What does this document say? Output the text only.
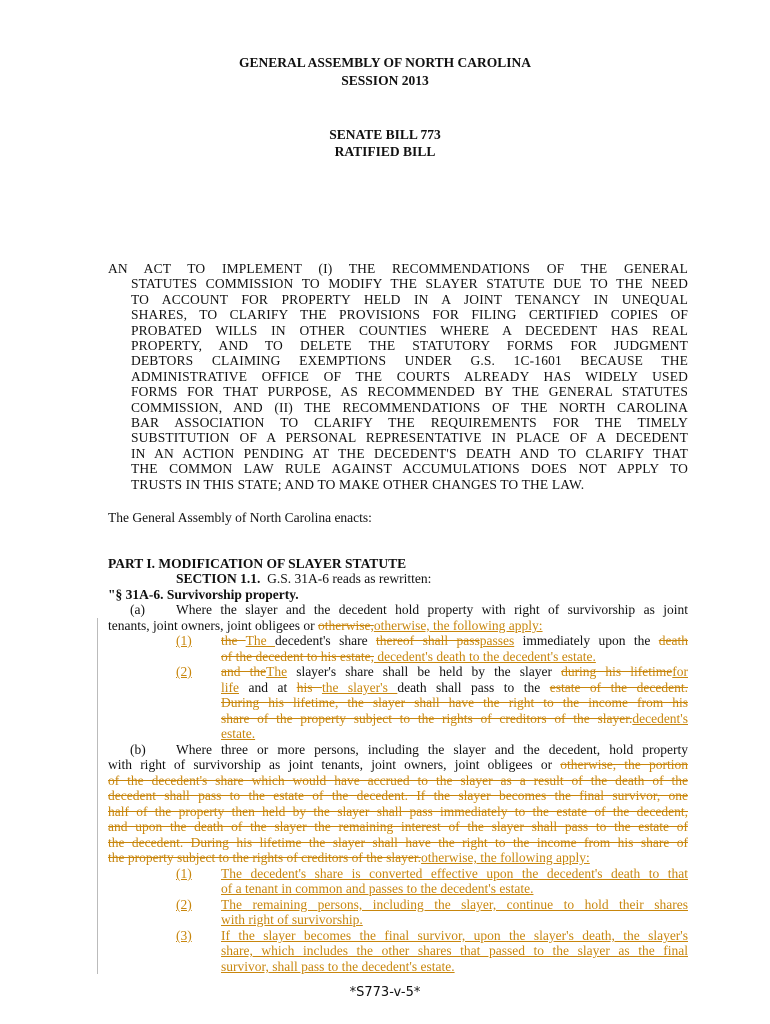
GENERAL ASSEMBLY OF NORTH CAROLINA
SESSION 2013
SENATE BILL 773
RATIFIED BILL
AN ACT TO IMPLEMENT (I) THE RECOMMENDATIONS OF THE GENERAL
STATUTES COMMISSION TO MODIFY THE SLAYER STATUTE DUE TO THE NEED
TO ACCOUNT FOR PROPERTY HELD IN A JOINT TENANCY IN UNEQUAL
SHARES, TO CLARIFY THE PROVISIONS FOR FILING CERTIFIED COPIES OF
PROBATED WILLS IN OTHER COUNTIES WHERE A DECEDENT HAS REAL
PROPERTY, AND TO DELETE THE STATUTORY FORMS FOR JUDGMENT
DEBTORS CLAIMING EXEMPTIONS UNDER G.S. 1C-1601 BECAUSE THE
ADMINISTRATIVE OFFICE OF THE COURTS ALREADY HAS WIDELY USED
FORMS FOR THAT PURPOSE, AS RECOMMENDED BY THE GENERAL STATUTES
COMMISSION, AND (II) THE RECOMMENDATIONS OF THE NORTH CAROLINA
BAR ASSOCIATION TO CLARIFY THE REQUIREMENTS FOR THE TIMELY
SUBSTITUTION OF A PERSONAL REPRESENTATIVE IN PLACE OF A DECEDENT
IN AN ACTION PENDING AT THE DECEDENT'S DEATH AND TO CLARIFY THAT
THE COMMON LAW RULE AGAINST ACCUMULATIONS DOES NOT APPLY TO
TRUSTS IN THIS STATE; AND TO MAKE OTHER CHANGES TO THE LAW.
The General Assembly of North Carolina enacts:
PART I. MODIFICATION OF SLAYER STATUTE
SECTION 1.1. G.S. 31A-6 reads as rewritten:
"§ 31A-6. Survivorship property.
(a) Where the slayer and the decedent hold property with right of survivorship as joint
tenants, joint owners, joint obligees or otherwise,otherwise, the following apply:
(1) the The decedent's share thereof shall passpasses immediately upon the death
of the decedent to his estate, decedent's death to the decedent's estate.
(2) and theThe slayer's share shall be held by the slayer during his lifetimefor
life and at his the slayer's death shall pass to the estate of the decedent.
During his lifetime, the slayer shall have the right to the income from his
share of the property subject to the rights of creditors of the slayer.decedent's
estate.
(b) Where three or more persons, including the slayer and the decedent, hold property
with right of survivorship as joint tenants, joint owners, joint obligees or otherwise, the portion
of the decedent's share which would have accrued to the slayer as a result of the death of the
decedent shall pass to the estate of the decedent. If the slayer becomes the final survivor, one
half of the property then held by the slayer shall pass immediately to the estate of the decedent,
and upon the death of the slayer the remaining interest of the slayer shall pass to the estate of
the decedent. During his lifetime the slayer shall have the right to the income from his share of
the property subject to the rights of creditors of the slayer.otherwise, the following apply:
(1) The decedent's share is converted effective upon the decedent's death to that
of a tenant in common and passes to the decedent's estate.
(2) The remaining persons, including the slayer, continue to hold their shares
with right of survivorship.
(3) If the slayer becomes the final survivor, upon the slayer's death, the slayer's
share, which includes the other shares that passed to the slayer as the final
survivor, shall pass to the decedent's estate.
*S773-v-5*
